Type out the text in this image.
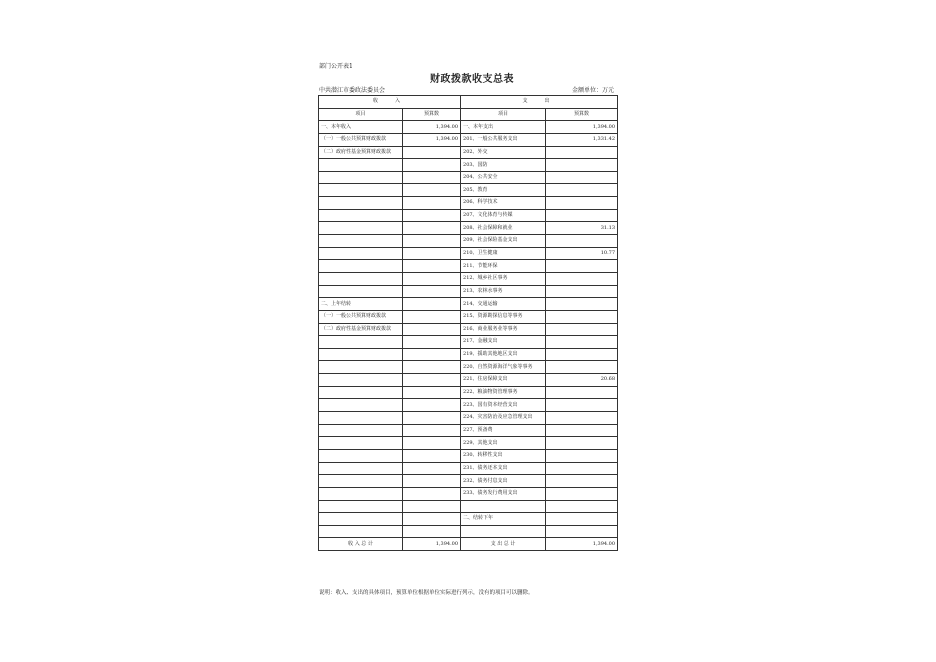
部门公开表1
财政拨款收支总表
中共潜江市委政法委员会	金额单位：万元
收　入		支　出	
项目	预算数	项目	预算数
一、本年收入	1,394.00	一、本年支出	1,394.00
（一）一般公共预算财政拨款	1,394.00	201、一般公共服务支出	1,331.42
（二）政府性基金预算财政拨款		202、外交	
		203、国防	
		204、公共安全	
		205、教育	
		206、科学技术	
		207、文化体育与传媒	
		208、社会保障和就业	31.13
		209、社会保险基金支出	
		210、卫生健康	10.77
		211、节能环保	
		212、城乡社区事务	
		213、农林水事务	
二、上年结转		214、交通运输	
（一）一般公共预算财政拨款		215、资源勘探信息等事务	
（二）政府性基金预算财政拨款		216、商业服务业等事务	
		217、金融支出	
		219、援助其他地区支出	
		220、自然资源海洋气象等事务	
		221、住房保障支出	20.68
		222、粮油物资管理事务	
		223、国有资本经营支出	
		224、灾害防治及应急管理支出	
		227、预备费	
		229、其他支出	
		230、转移性支出	
		231、债务还本支出	
		232、债务付息支出	
		233、债务发行费用支出	

		二、结转下年	

收 入 总 计	1,394.00	支 出 总 计	1,394.00
说明：收入、支出的具体项目，预算单位根据单位实际进行列示，没有的项目可以删除。
